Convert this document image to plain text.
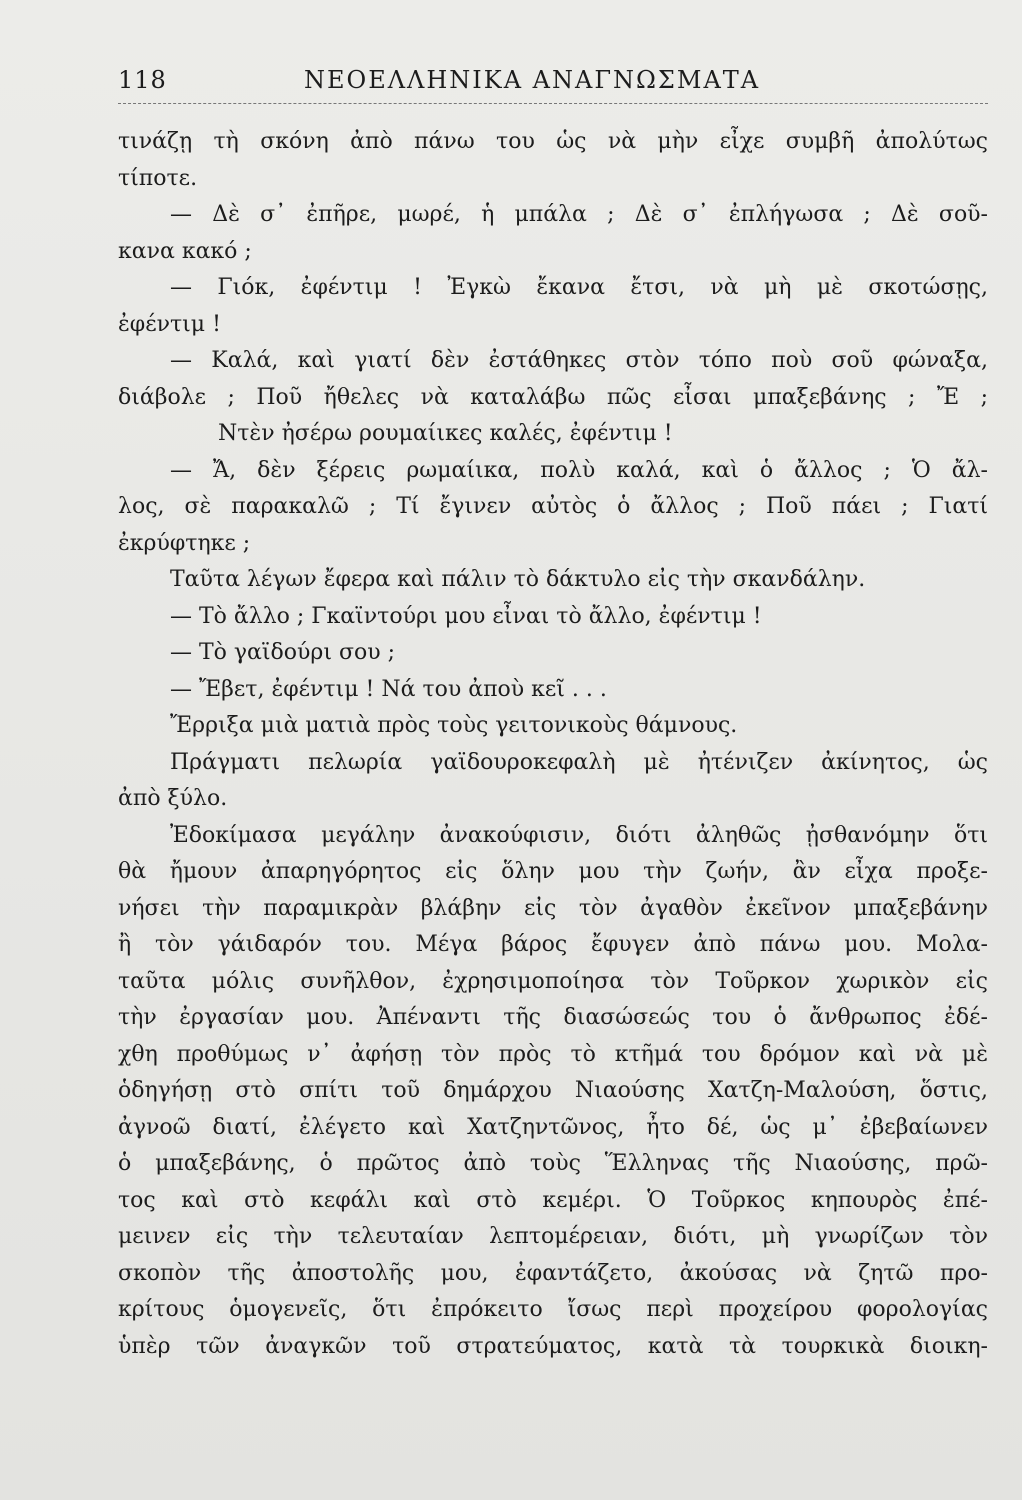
118	ΝΕΟΕΛΛΗΝΙΚΑ ΑΝΑΓΝΩΣΜΑΤΑ
τινάζῃ τὴ σκόνη ἀπὸ πάνω του ὡς νὰ μὴν εἶχε συμβῆ ἀπολύτως
τίποτε.
— Δὲ σ᾽ ἐπῆρε, μωρέ, ἡ μπάλα ; Δὲ σ᾽ ἐπλήγωσα ; Δὲ σοῦ-
κανα κακό ;
— Γιόκ, ἐφέντιμ ! Ἐγκὼ ἔκανα ἔτσι, νὰ μὴ μὲ σκοτώσῃς,
ἐφέντιμ !
— Καλά, καὶ γιατί δὲν ἐστάθηκες στὸν τόπο ποὺ σοῦ φώναξα,
διάβολε ; Ποῦ ἤθελες νὰ καταλάβω πῶς εἶσαι μπαξεβάνης ; Ἔ ;
Ντὲν ἠσέρω ρουμαίικες καλές, ἐφέντιμ !
— Ἄ, δὲν ξέρεις ρωμαίικα, πολὺ καλά, καὶ ὁ ἄλλος ; Ὁ ἄλ-
λος, σὲ παρακαλῶ ; Τί ἔγινεν αὐτὸς ὁ ἄλλος ; Ποῦ πάει ; Γιατί
ἐκρύφτηκε ;
Ταῦτα λέγων ἔφερα καὶ πάλιν τὸ δάκτυλο εἰς τὴν σκανδάλην.
— Τὸ ἄλλο ; Γκαϊντούρι μου εἶναι τὸ ἄλλο, ἐφέντιμ !
— Τὸ γαϊδούρι σου ;
— Ἔβετ, ἐφέντιμ ! Νά του ἀποὺ κεῖ . . .
Ἔρριξα μιὰ ματιὰ πρὸς τοὺς γειτονικοὺς θάμνους.
Πράγματι πελωρία γαϊδουροκεφαλὴ μὲ ἠτένιζεν ἀκίνητος, ὡς
ἀπὸ ξύλο.
Ἐδοκίμασα μεγάλην ἀνακούφισιν, διότι ἀληθῶς ᾐσθανόμην ὅτι
θὰ ἤμουν ἀπαρηγόρητος εἰς ὅλην μου τὴν ζωήν, ἂν εἶχα προξε-
νήσει τὴν παραμικρὰν βλάβην εἰς τὸν ἀγαθὸν ἐκεῖνον μπαξεβάνην
ἢ τὸν γάιδαρόν του. Μέγα βάρος ἔφυγεν ἀπὸ πάνω μου. Μολα-
ταῦτα μόλις συνῆλθον, ἐχρησιμοποίησα τὸν Τοῦρκον χωρικὸν εἰς
τὴν ἐργασίαν μου. Ἀπέναντι τῆς διασώσεώς του ὁ ἄνθρωπος ἐδέ-
χθη προθύμως ν᾽ ἀφήσῃ τὸν πρὸς τὸ κτῆμά του δρόμον καὶ νὰ μὲ
ὁδηγήσῃ στὸ σπίτι τοῦ δημάρχου Νιαούσης Χατζη-Μαλούση, ὅστις,
ἀγνοῶ διατί, ἐλέγετο καὶ Χατζηντῶνος, ἦτο δέ, ὡς μ᾽ ἐβεβαίωνεν
ὁ μπαξεβάνης, ὁ πρῶτος ἀπὸ τοὺς Ἕλληνας τῆς Νιαούσης, πρῶ-
τος καὶ στὸ κεφάλι καὶ στὸ κεμέρι. Ὁ Τοῦρκος κηπουρὸς ἐπέ-
μεινεν εἰς τὴν τελευταίαν λεπτομέρειαν, διότι, μὴ γνωρίζων τὸν
σκοπὸν τῆς ἀποστολῆς μου, ἐφαντάζετο, ἀκούσας νὰ ζητῶ προ-
κρίτους ὁμογενεῖς, ὅτι ἐπρόκειτο ἴσως περὶ προχείρου φορολογίας
ὑπὲρ τῶν ἀναγκῶν τοῦ στρατεύματος, κατὰ τὰ τουρκικὰ διοικη-
